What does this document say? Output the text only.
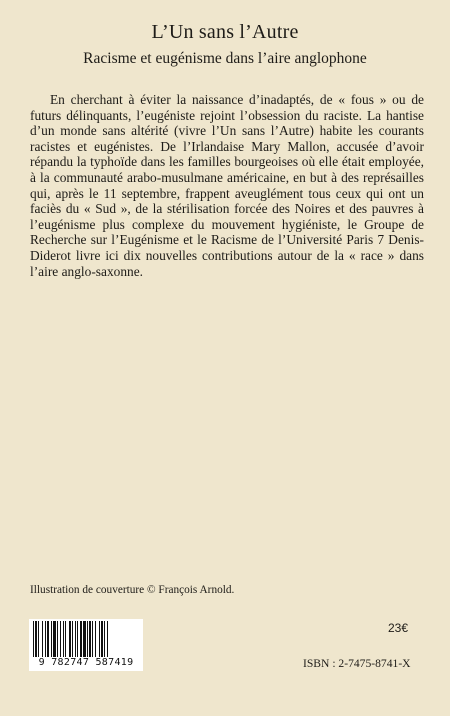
L’Un sans l’Autre
Racisme et eugénisme dans l’aire anglophone

En cherchant à éviter la naissance d’inadaptés, de « fous » ou de futurs délinquants, l’eugéniste rejoint l’obsession du raciste. La hantise d’un monde sans altérité (vivre l’Un sans l’Autre) habite les courants racistes et eugénistes. De l’Irlandaise Mary Mallon, accusée d’avoir répandu la typhoïde dans les familles bourgeoises où elle était employée, à la communauté arabo-musulmane américaine, en but à des représailles qui, après le 11 septembre, frappent aveuglément tous ceux qui ont un faciès du « Sud », de la stérilisation forcée des Noires et des pauvres à l’eugénisme plus complexe du mouvement hygiéniste, le Groupe de Recherche sur l’Eugénisme et le Racisme de l’Université Paris 7 Denis-Diderot livre ici dix nouvelles contributions autour de la « race » dans l’aire anglo-saxonne.

Illustration de couverture © François Arnold.
9 782747 587419
23€
ISBN : 2-7475-8741-X
